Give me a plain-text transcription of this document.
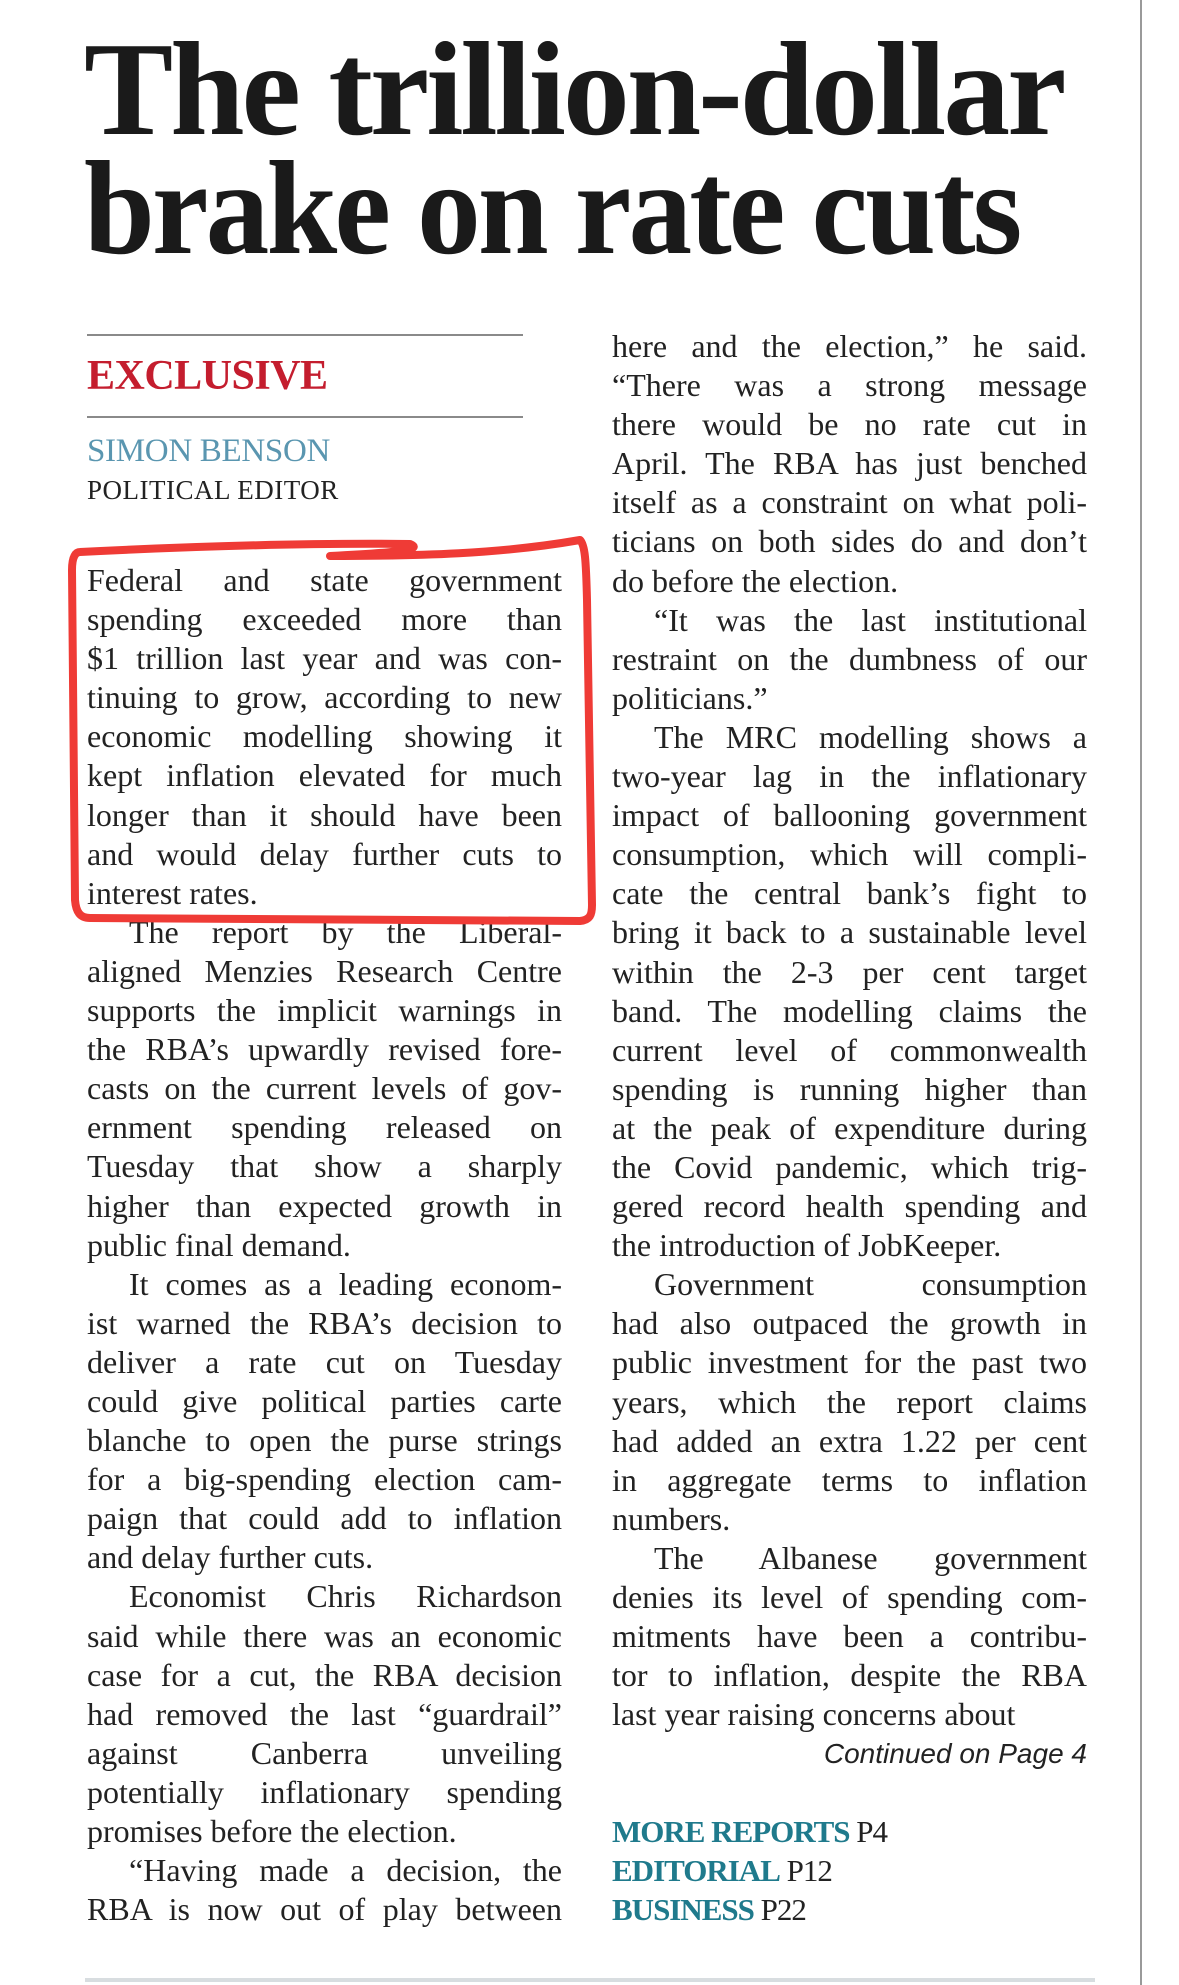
The trillion-dollar
brake on rate cuts
EXCLUSIVE
SIMON BENSON
POLITICAL EDITOR
Federal and state government
spending exceeded more than
$1 trillion last year and was con-
tinuing to grow, according to new
economic modelling showing it
kept inflation elevated for much
longer than it should have been
and would delay further cuts to
interest rates.
The report by the Liberal-
aligned Menzies Research Centre
supports the implicit warnings in
the RBA’s upwardly revised fore-
casts on the current levels of gov-
ernment spending released on
Tuesday that show a sharply
higher than expected growth in
public final demand.
It comes as a leading econom-
ist warned the RBA’s decision to
deliver a rate cut on Tuesday
could give political parties carte
blanche to open the purse strings
for a big-spending election cam-
paign that could add to inflation
and delay further cuts.
Economist Chris Richardson
said while there was an economic
case for a cut, the RBA decision
had removed the last “guardrail”
against Canberra unveiling
potentially inflationary spending
promises before the election.
“Having made a decision, the
RBA is now out of play between
here and the election,” he said.
“There was a strong message
there would be no rate cut in
April. The RBA has just benched
itself as a constraint on what poli-
ticians on both sides do and don’t
do before the election.
“It was the last institutional
restraint on the dumbness of our
politicians.”
The MRC modelling shows a
two-year lag in the inflationary
impact of ballooning government
consumption, which will compli-
cate the central bank’s fight to
bring it back to a sustainable level
within the 2-3 per cent target
band. The modelling claims the
current level of commonwealth
spending is running higher than
at the peak of expenditure during
the Covid pandemic, which trig-
gered record health spending and
the introduction of JobKeeper.
Government consumption
had also outpaced the growth in
public investment for the past two
years, which the report claims
had added an extra 1.22 per cent
in aggregate terms to inflation
numbers.
The Albanese government
denies its level of spending com-
mitments have been a contribu-
tor to inflation, despite the RBA
last year raising concerns about
Continued on Page 4
MORE REPORTS P4
EDITORIAL P12
BUSINESS P22
